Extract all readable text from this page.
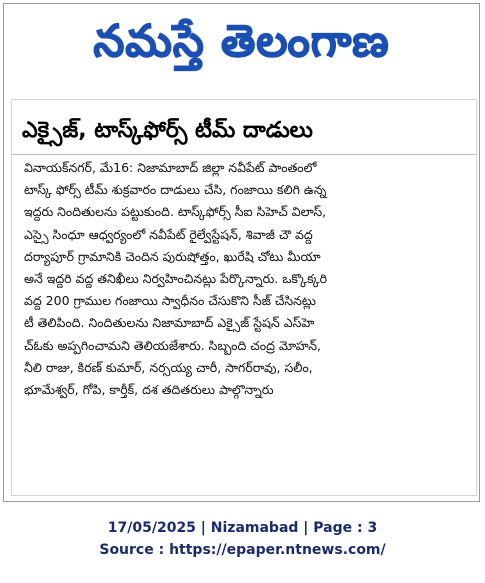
నమస్తే తెలంగాణ
ఎక్సైజ్, టాస్క్‌ఫోర్స్ టీమ్ దాడులు
వినాయక్‌నగర్, మే16: నిజామాబాద్ జిల్లా నవీపేట్ పాంతంలో
టాస్క్ ఫోర్స్ టీమ్ శుక్రవారం దాడులు చేసి, గంజాయి కలిగి ఉన్న
ఇద్దరు నిందితులను పట్టుకుంది. టాస్క్‌ఫోర్స్ సీఐ సిహెచ్ విలాస్,
ఎస్సై సింధూ ఆధ్వర్యంలో నవీపేట్ రైల్వేస్టేషన్, శివాజీ చౌ వద్ద
దర్యాపూర్ గ్రామానికి చెందిన పురుషోత్తం, ఖురేషి చోటు మీయా
అనే ఇద్దరి వద్ద తనిఖీలు నిర్వహించినట్లు పేర్కొన్నారు. ఒక్కొక్కరి
వద్ద 200 గ్రాముల గంజాయి స్వాధీనం చేసుకొని సీజ్ చేసినట్లు
టీ తెలిపింది. నిందితులను నిజామాబాద్ ఎక్సైజ్ స్టేషన్ ఎస్‌హె
చ్‌ఓకు అప్పగించామని తెలియజేశారు. సిబ్బంది చంద్ర మోహన్,
నీలి రాజు, కిరణ్ కుమార్, నర్సయ్య చారీ, సాగర్‌రావు, సలీం,
భూమేశ్వర్, గోపి, కార్తీక్, దశ తదితరులు పాల్గొన్నారు
17/05/2025 | Nizamabad | Page : 3
Source : https://epaper.ntnews.com/
